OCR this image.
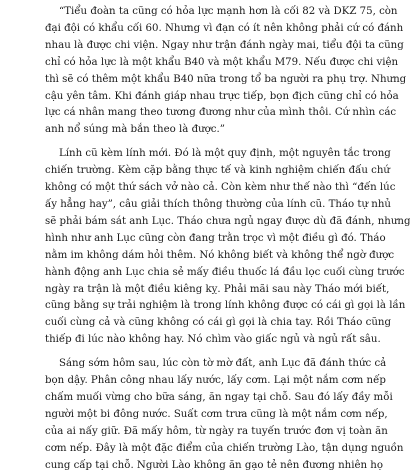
“Tiểu đoàn ta cũng có hỏa lực mạnh hơn là cối 82 và DKZ 75, còn
đại đội có khẩu cối 60. Nhưng vì đạn có ít nên không phải cứ có đánh
nhau là được chi viện. Ngay như trận đánh ngày mai, tiểu đội ta cũng
chỉ có hỏa lực là một khẩu B40 và một khẩu M79. Nếu được chi viện
thì sẽ có thêm một khẩu B40 nữa trong tổ ba người ra phụ trợ. Nhưng
cậu yên tâm. Khi đánh giáp nhau trực tiếp, bọn địch cũng chỉ có hỏa
lực cá nhân mang theo tương đương như của mình thôi. Cứ nhìn các
anh nổ súng mà bắn theo là được.”

Lính cũ kèm lính mới. Đó là một quy định, một nguyên tắc trong
chiến trường. Kèm cặp bằng thực tế và kinh nghiệm chiến đấu chứ
không có một thứ sách vở nào cả. Còn kèm như thế nào thì “đến lúc
ấy hẳng hay”, câu giải thích thông thường của lính cũ. Tháo tự nhủ
sẽ phải bám sát anh Lục. Tháo chưa ngủ ngay được dù đã đánh, nhưng
hình như anh Lục cũng còn đang trằn trọc vì một điều gì đó. Tháo
nằm im không dám hỏi thêm. Nó không biết và không thể ngờ được
hành động anh Lục chia sẻ mấy điều thuốc lá đầu lọc cuối cùng trước
ngày ra trận là một điều kiêng kỵ. Phải mãi sau này Tháo mới biết,
cũng bằng sự trải nghiệm là trong lính không được có cái gì gọi là lần
cuối cùng cả và cũng không có cái gì gọi là chia tay. Rồi Tháo cũng
thiếp đi lúc nào không hay. Nó chìm vào giấc ngủ và ngủ rất sâu.

Sáng sớm hôm sau, lúc còn tờ mờ đất, anh Lục đã đánh thức cả
bọn dậy. Phân công nhau lấy nước, lấy cơm. Lại một nắm cơm nếp
chấm muối vừng cho bữa sáng, ăn ngay tại chỗ. Sau đó lấy đầy mỗi
người một bi đông nước. Suất cơm trưa cũng là một nắm cơm nếp,
của ai nấy giữ. Đã mấy hôm, từ ngày ra tuyến trước đơn vị toàn ăn
cơm nếp. Đây là một đặc điểm của chiến trường Lào, tận dụng nguồn
cung cấp tại chỗ. Người Lào không ăn gạo tẻ nên đương nhiên họ
